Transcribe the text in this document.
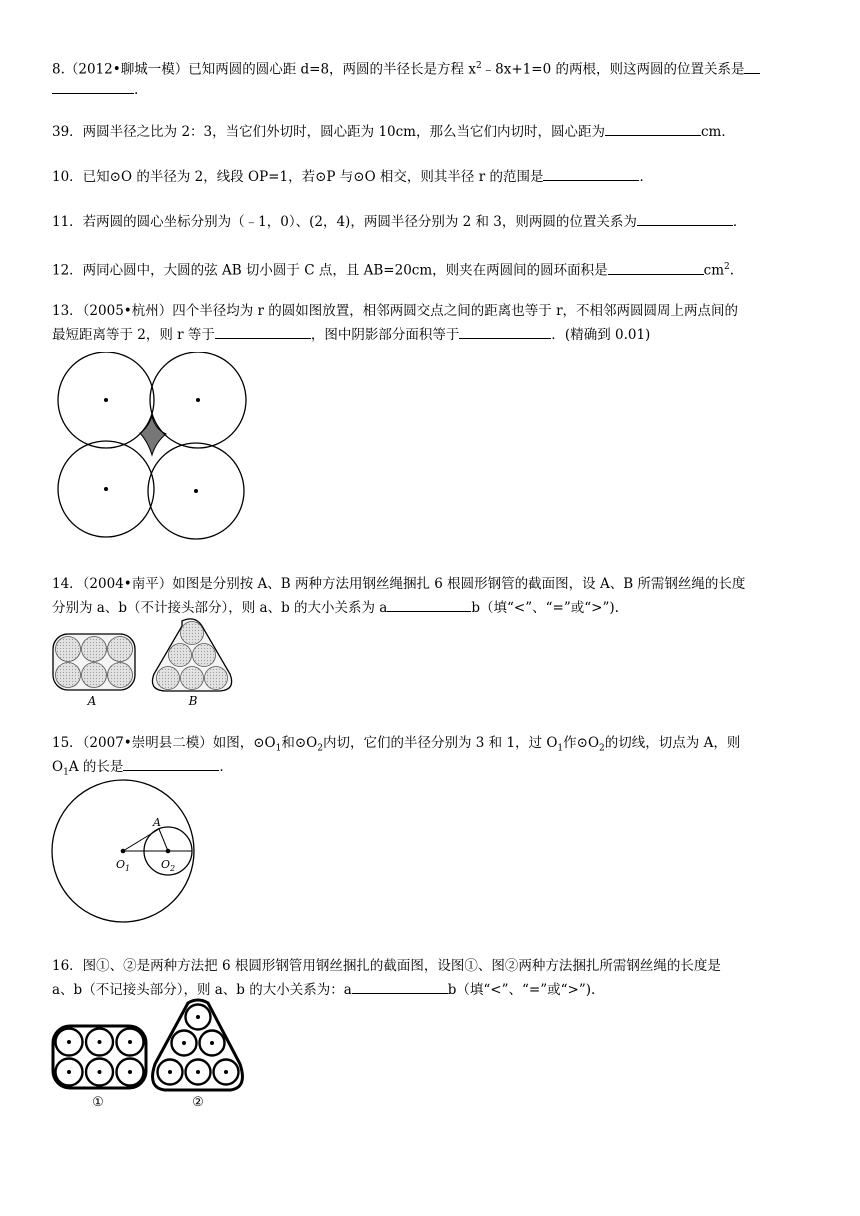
8.（2012•聊城一模）已知两圆的圆心距 d=8，两圆的半径长是方程 $x^2﹣8x+1=0$ 的两根，则这两圆的位置关系是
.
39．两圆半径之比为 2：3，当它们外切时，圆心距为 10cm，那么当它们内切时，圆心距为	cm．
10．已知⊙O 的半径为 2，线段 OP=1，若⊙P 与⊙O 相交，则其半径 r 的范围是	．
11．若两圆的圆心坐标分别为（﹣1，0）、(2，4)，两圆半径分别为 2 和 3，则两圆的位置关系为	．
12．两同心圆中，大圆的弦 AB 切小圆于 C 点，且 AB=20cm，则夹在两圆间的圆环面积是	$cm^2$.
13．（2005•杭州）四个半径均为 r 的圆如图放置，相邻两圆交点之间的距离也等于 r，不相邻两圆圆周上两点间的
最短距离等于 2，则 r 等于	，图中阴影部分面积等于	．(精确到 0.01)
14．（2004•南平）如图是分别按 A、B 两种方法用钢丝绳捆扎 6 根圆形钢管的截面图，设 A、B 所需钢丝绳的长度
分别为 a、b（不计接头部分），则 a、b 的大小关系为 a	b（填“<”、“=”或“>”).
A	B
15．（2007•崇明县二模）如图，$⊙O_1$和$⊙O_2$内切，它们的半径分别为 3 和 1，过 $O_1$作$⊙O_2$的切线，切点为 A，则
$O_1A$ 的长是	.
A
$O_1$	$O_2$
16．图①、②是两种方法把 6 根圆形钢管用钢丝捆扎的截面图，设图①、图②两种方法捆扎所需钢丝绳的长度是
a、b（不记接头部分），则 a、b 的大小关系为：a	b（填“<”、“=”或“>”).
①	②
